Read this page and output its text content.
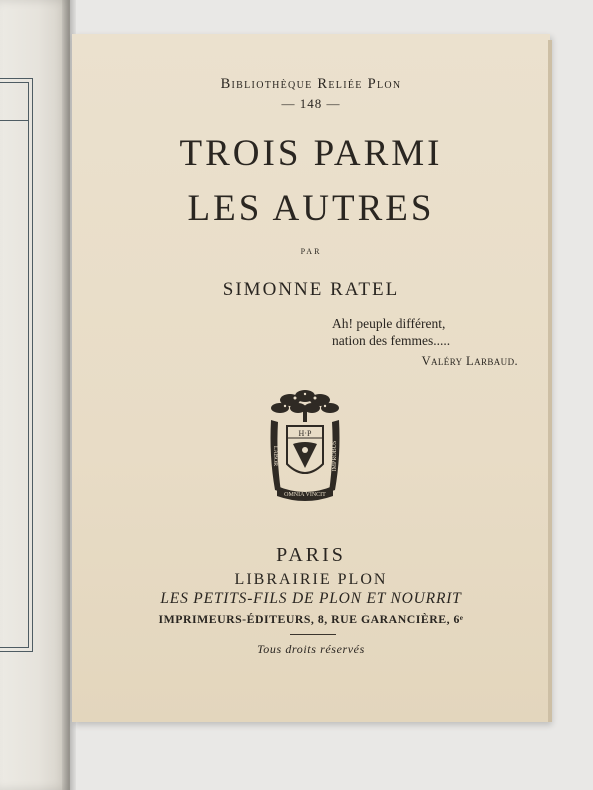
Bibliothèque Reliée Plon
— 148 —
TROIS PARMI
LES AUTRES
par
SIMONNE RATEL
Ah! peuple différent,
nation des femmes.....
Valéry Larbaud.
H·P
LABOR	IMPROBUS
OMNIA VINCIT
PARIS
LIBRAIRIE PLON
LES PETITS-FILS DE PLON ET NOURRIT
IMPRIMEURS-ÉDITEURS, 8, RUE GARANCIÈRE, 6ᵉ
Tous droits réservés
